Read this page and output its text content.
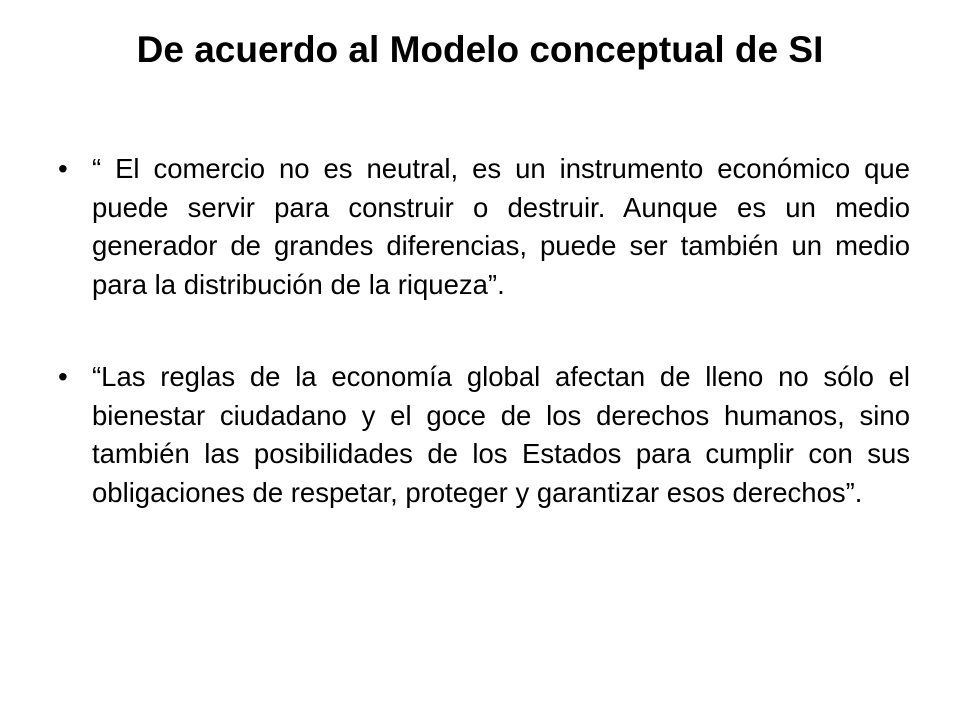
De acuerdo al Modelo conceptual de SI
• “ El comercio no es neutral, es un instrumento económico que puede servir para construir o destruir. Aunque es un medio generador de grandes diferencias, puede ser también un medio para la distribución de la riqueza”.

• “Las reglas de la economía global afectan de lleno no sólo el bienestar ciudadano y el goce de los derechos humanos, sino también las posibilidades de los Estados para cumplir con sus obligaciones de respetar, proteger y garantizar esos derechos”.
